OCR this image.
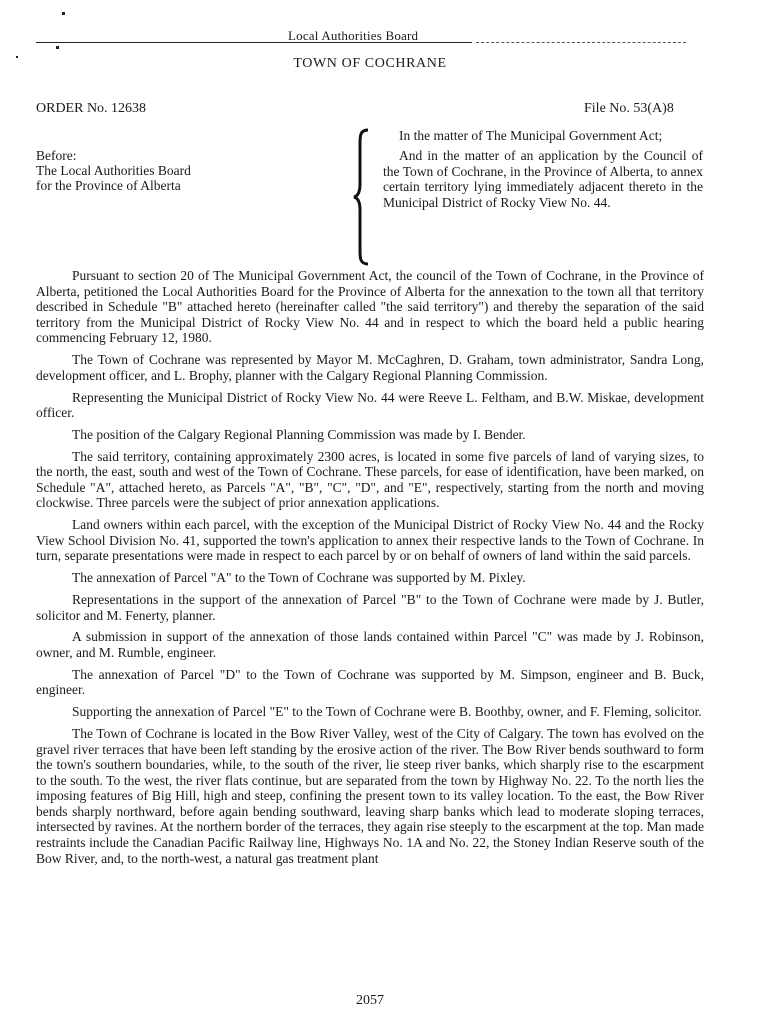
Local Authorities Board
TOWN OF COCHRANE
ORDER No. 12638	File No. 53(A)8
Before:
The Local Authorities Board
for the Province of Alberta

In the matter of The Municipal Government Act;

And in the matter of an application by the Council of the Town of Cochrane, in the Province of Alberta, to annex certain territory lying immediately adjacent thereto in the Municipal District of Rocky View No. 44.

Pursuant to section 20 of The Municipal Government Act, the council of the Town of Cochrane, in the Province of Alberta, petitioned the Local Authorities Board for the Province of Alberta for the annexation to the town all that territory described in Schedule "B" attached hereto (hereinafter called "the said territory") and thereby the separation of the said territory from the Municipal District of Rocky View No. 44 and in respect to which the board held a public hearing commencing February 12, 1980.

The Town of Cochrane was represented by Mayor M. McCaghren, D. Graham, town administrator, Sandra Long, development officer, and L. Brophy, planner with the Calgary Regional Planning Commission.

Representing the Municipal District of Rocky View No. 44 were Reeve L. Feltham, and B.W. Miskae, development officer.

The position of the Calgary Regional Planning Commission was made by I. Bender.

The said territory, containing approximately 2300 acres, is located in some five parcels of land of varying sizes, to the north, the east, south and west of the Town of Cochrane. These parcels, for ease of identification, have been marked, on Schedule "A", attached hereto, as Parcels "A", "B", "C", "D", and "E", respectively, starting from the north and moving clockwise. Three parcels were the subject of prior annexation applications.

Land owners within each parcel, with the exception of the Municipal District of Rocky View No. 44 and the Rocky View School Division No. 41, supported the town's application to annex their respective lands to the Town of Cochrane. In turn, separate presentations were made in respect to each parcel by or on behalf of owners of land within the said parcels.

The annexation of Parcel "A" to the Town of Cochrane was supported by M. Pixley.

Representations in the support of the annexation of Parcel "B" to the Town of Cochrane were made by J. Butler, solicitor and M. Fenerty, planner.

A submission in support of the annexation of those lands contained within Parcel "C" was made by J. Robinson, owner, and M. Rumble, engineer.

The annexation of Parcel "D" to the Town of Cochrane was supported by M. Simpson, engineer and B. Buck, engineer.

Supporting the annexation of Parcel "E" to the Town of Cochrane were B. Boothby, owner, and F. Fleming, solicitor.

The Town of Cochrane is located in the Bow River Valley, west of the City of Calgary. The town has evolved on the gravel river terraces that have been left standing by the erosive action of the river. The Bow River bends southward to form the town's southern boundaries, while, to the south of the river, lie steep river banks, which sharply rise to the escarpment to the south. To the west, the river flats continue, but are separated from the town by Highway No. 22. To the north lies the imposing features of Big Hill, high and steep, confining the present town to its valley location. To the east, the Bow River bends sharply northward, before again bending southward, leaving sharp banks which lead to moderate sloping terraces, intersected by ravines. At the northern border of the terraces, they again rise steeply to the escarpment at the top. Man made restraints include the Canadian Pacific Railway line, Highways No. 1A and No. 22, the Stoney Indian Reserve south of the Bow River, and, to the north-west, a natural gas treatment plant

2057
